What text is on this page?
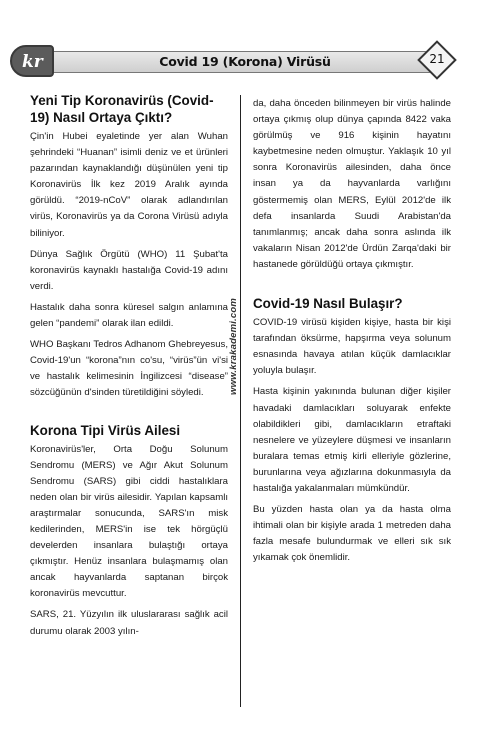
kr	Covid 19 (Korona) Virüsü	21
www.krakademi.com
Yeni Tip Koronavirüs (Covid-19) Nasıl Ortaya Çıktı?

Çin'in Hubei eyaletinde yer alan Wuhan şehrindeki “Huanan” isimli deniz ve et ürünleri pazarından kaynaklandığı düşünülen yeni tip Koronavirüs İlk kez 2019 Aralık ayında görüldü. “2019-nCoV” olarak adlandırılan virüs, Koronavirüs ya da Corona Virüsü adıyla biliniyor.

Dünya Sağlık Örgütü (WHO) 11 Şubat'ta koronavirüs kaynaklı hastalığa Covid-19 adını verdi.

Hastalık daha sonra küresel salgın anlamına gelen “pandemi” olarak ilan edildi.

WHO Başkanı Tedros Adhanom Ghebreyesus, Covid-19'un “korona”nın co'su, “virüs”ün vi'si ve hastalık kelimesinin İngilizcesi “disease” sözcüğünün d'sinden türetildiğini söyledi.

Korona Tipi Virüs Ailesi

Koronavirüs'ler, Orta Doğu Solunum Sendromu (MERS) ve Ağır Akut Solunum Sendromu (SARS) gibi ciddi hastalıklara neden olan bir virüs ailesidir. Yapılan kapsamlı araştırmalar sonucunda, SARS'ın misk kedilerinden, MERS'in ise tek hörgüçlü develerden insanlara bulaştığı ortaya çıkmıştır. Henüz insanlara bulaşmamış olan ancak hayvanlarda saptanan birçok koronavirüs mevcuttur.

SARS, 21. Yüzyılın ilk uluslararası sağlık acil durumu olarak 2003 yılın-

da, daha önceden bilinmeyen bir virüs halinde ortaya çıkmış olup dünya çapında 8422 vaka görülmüş ve 916 kişinin hayatını kaybetmesine neden olmuştur. Yaklaşık 10 yıl sonra Koronavirüs ailesinden, daha önce insan ya da hayvanlarda varlığını göstermemiş olan MERS, Eylül 2012'de ilk defa insanlarda Suudi Arabistan'da tanımlanmış; ancak daha sonra aslında ilk vakaların Nisan 2012'de Ürdün Zarqa'daki bir hastanede görüldüğü ortaya çıkmıştır.

Covid-19 Nasıl Bulaşır?

COVID-19 virüsü kişiden kişiye, hasta bir kişi tarafından öksürme, hapşırma veya solunum esnasında havaya atılan küçük damlacıklar yoluyla bulaşır.

Hasta kişinin yakınında bulunan diğer kişiler havadaki damlacıkları soluyarak enfekte olabildikleri gibi, damlacıkların etraftaki nesnelere ve yüzeylere düşmesi ve insanların buralara temas etmiş kirli elleriyle gözlerine, burunlarına veya ağızlarına dokunmasıyla da hastalığa yakalanmaları mümkündür.

Bu yüzden hasta olan ya da hasta olma ihtimali olan bir kişiyle arada 1 metreden daha fazla mesafe bulundurmak ve elleri sık sık yıkamak çok önemlidir.
